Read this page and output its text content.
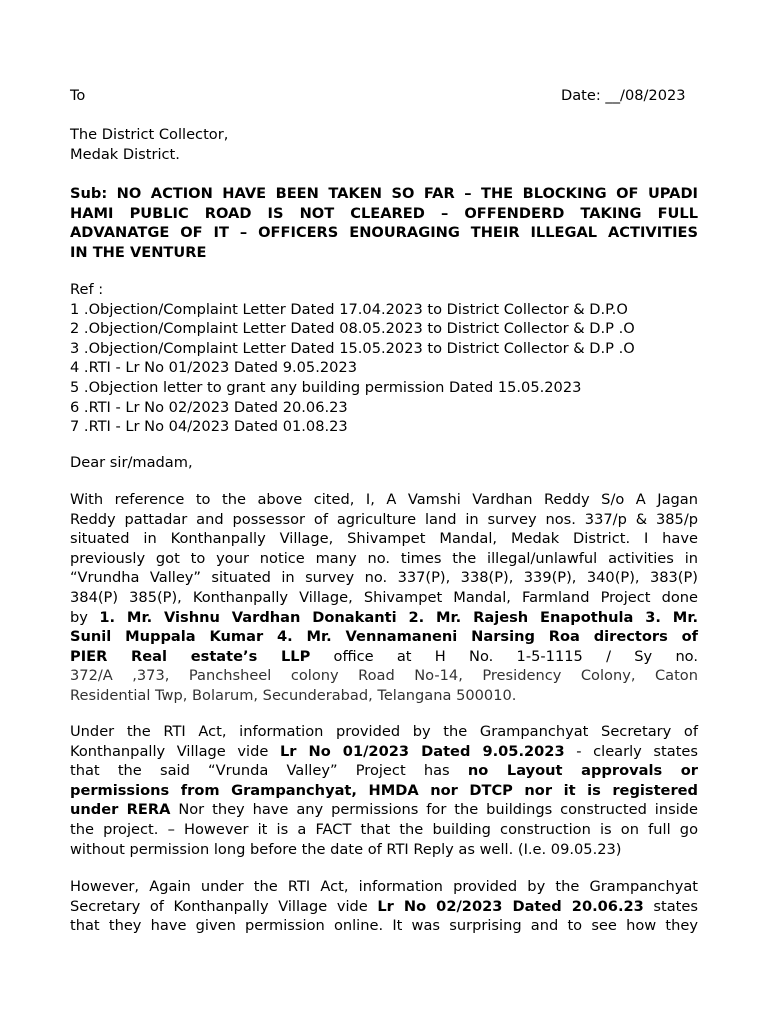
To	Date: __/08/2023
The District Collector,
Medak District.
Sub: NO ACTION HAVE BEEN TAKEN SO FAR – THE BLOCKING OF UPADI
HAMI PUBLIC ROAD IS NOT CLEARED – OFFENDERD TAKING FULL
ADVANATGE OF IT – OFFICERS ENOURAGING THEIR ILLEGAL ACTIVITIES
IN THE VENTURE
Ref :
1 .Objection/Complaint Letter Dated 17.04.2023 to District Collector & D.P.O
2 .Objection/Complaint Letter Dated 08.05.2023 to District Collector & D.P .O
3 .Objection/Complaint Letter Dated 15.05.2023 to District Collector & D.P .O
4 .RTI - Lr No 01/2023 Dated 9.05.2023
5 .Objection letter to grant any building permission Dated 15.05.2023
6 .RTI - Lr No 02/2023 Dated 20.06.23
7 .RTI - Lr No 04/2023 Dated 01.08.23
Dear sir/madam,
With reference to the above cited, I, A Vamshi Vardhan Reddy S/o A Jagan
Reddy pattadar and possessor of agriculture land in survey nos. 337/p & 385/p
situated in Konthanpally Village, Shivampet Mandal, Medak District. I have
previously got to your notice many no. times the illegal/unlawful activities in
“Vrundha Valley” situated in survey no. 337(P), 338(P), 339(P), 340(P), 383(P)
384(P) 385(P), Konthanpally Village, Shivampet Mandal, Farmland Project done
by 1. Mr. Vishnu Vardhan Donakanti 2. Mr. Rajesh Enapothula 3. Mr.
Sunil Muppala Kumar 4. Mr. Vennamaneni Narsing Roa directors of
PIER Real estate’s LLP office at H No. 1-5-1115 / Sy no.
372/A ,373, Panchsheel colony Road No-14, Presidency Colony, Caton
Residential Twp, Bolarum, Secunderabad, Telangana 500010.
Under the RTI Act, information provided by the Grampanchyat Secretary of
Konthanpally Village vide Lr No 01/2023 Dated 9.05.2023 - clearly states
that the said “Vrunda Valley” Project has no Layout approvals or
permissions from Grampanchyat, HMDA nor DTCP nor it is registered
under RERA Nor they have any permissions for the buildings constructed inside
the project. – However it is a FACT that the building construction is on full go
without permission long before the date of RTI Reply as well. (I.e. 09.05.23)
However, Again under the RTI Act, information provided by the Grampanchyat
Secretary of Konthanpally Village vide Lr No 02/2023 Dated 20.06.23 states
that they have given permission online. It was surprising and to see how they
